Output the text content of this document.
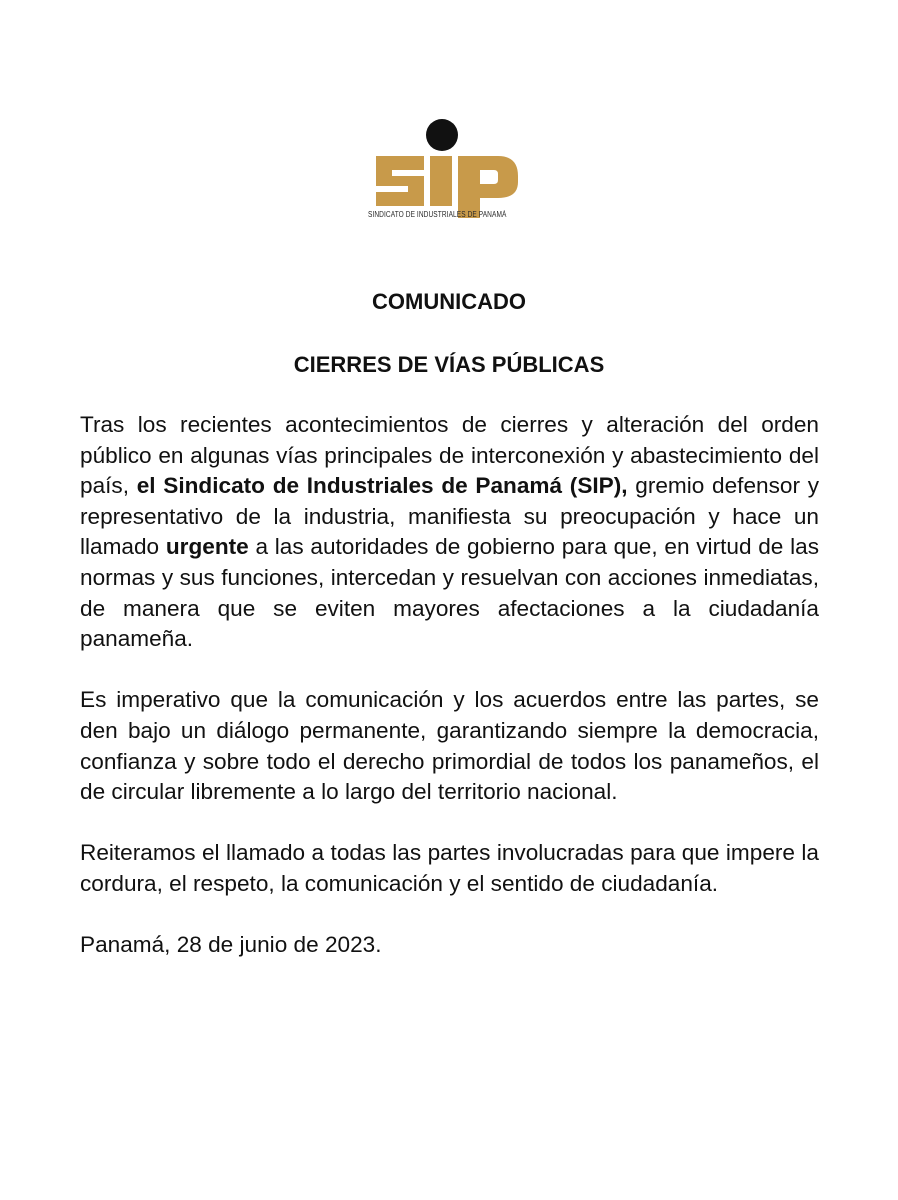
SINDICATO DE INDUSTRIALES DE PANAMÁ
COMUNICADO
CIERRES DE VÍAS PÚBLICAS

Tras los recientes acontecimientos de cierres y alteración del orden público en algunas vías principales de interconexión y abastecimiento del país, el Sindicato de Industriales de Panamá (SIP), gremio defensor y representativo de la industria, manifiesta su preocupación y hace un llamado urgente a las autoridades de gobierno para que, en virtud de las normas y sus funciones, intercedan y resuelvan con acciones inmediatas, de manera que se eviten mayores afectaciones a la ciudadanía panameña.

Es imperativo que la comunicación y los acuerdos entre las partes, se den bajo un diálogo permanente, garantizando siempre la democracia, confianza y sobre todo el derecho primordial de todos los panameños, el de circular libremente a lo largo del territorio nacional.

Reiteramos el llamado a todas las partes involucradas para que impere la cordura, el respeto, la comunicación y el sentido de ciudadanía.

Panamá, 28 de junio de 2023.
